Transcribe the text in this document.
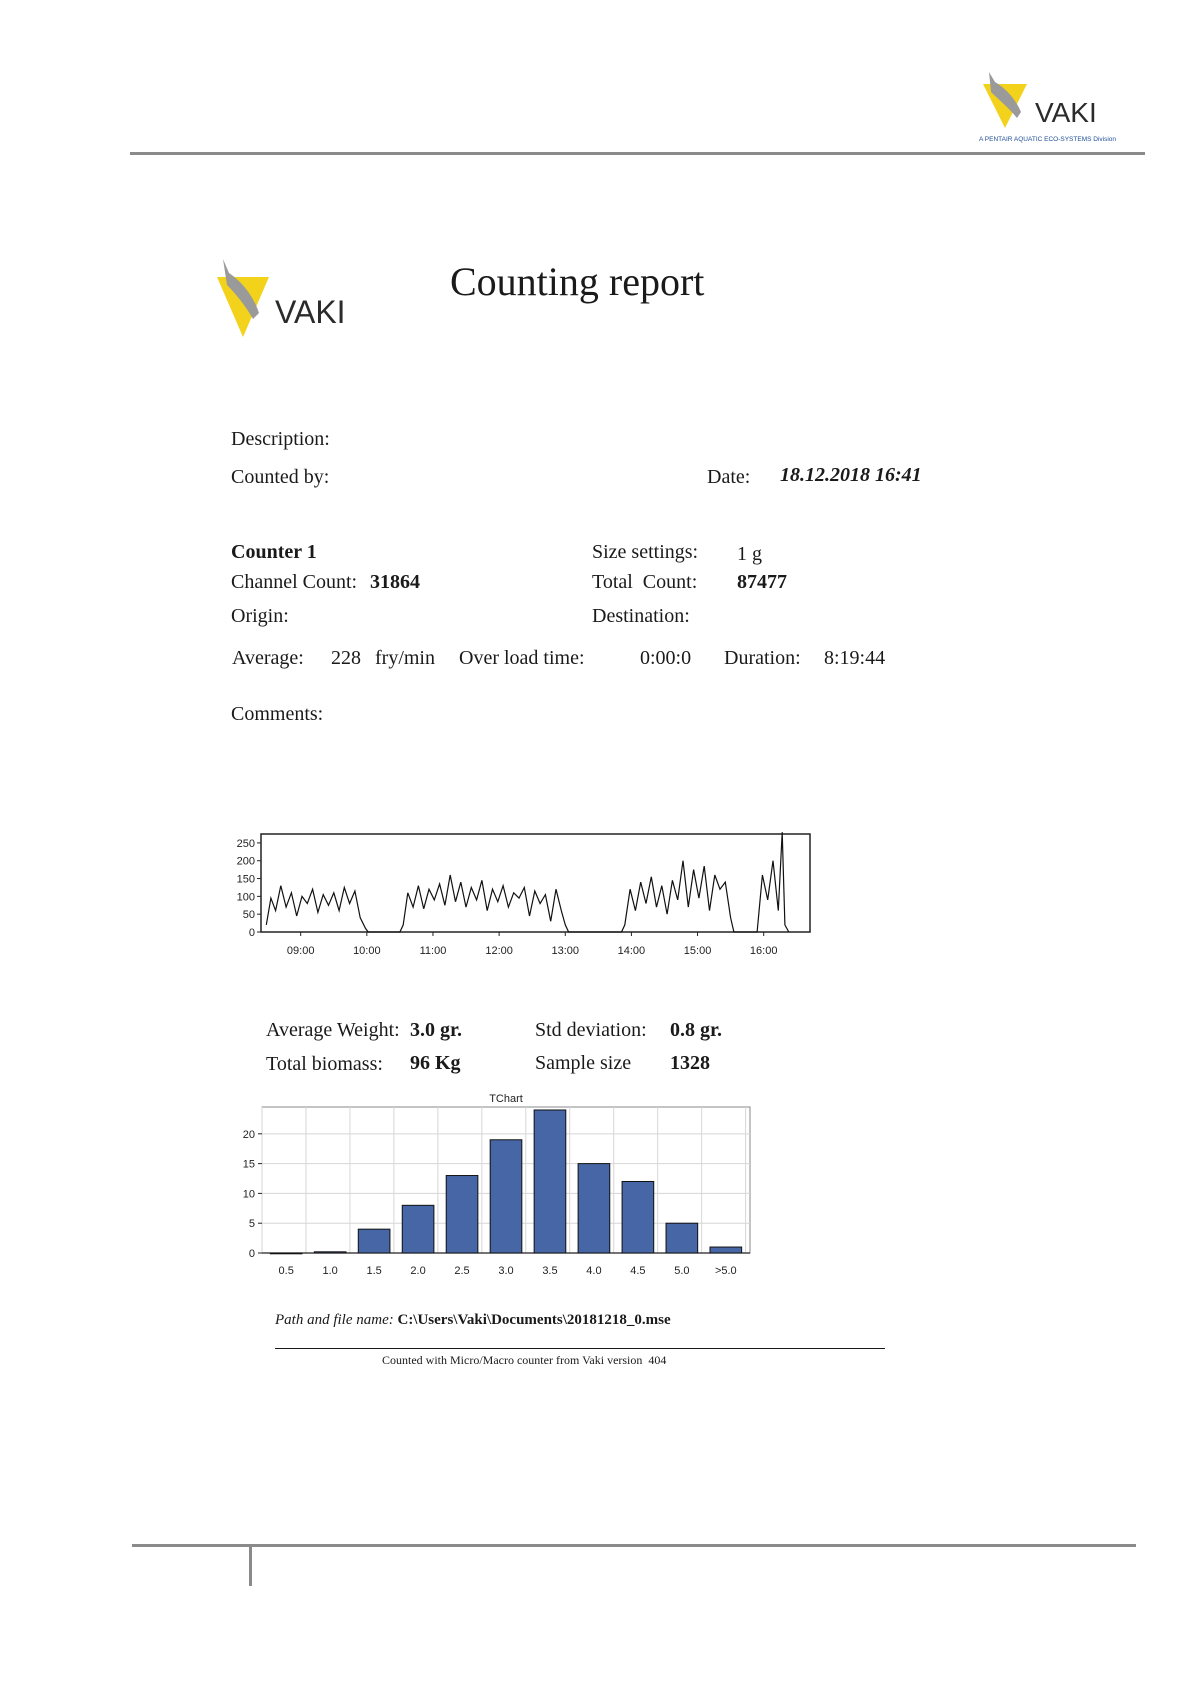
VAKI
A PENTAIR AQUATIC ECO-SYSTEMS Division
VAKI
Counting report
Description:
Counted by:	Date: 18.12.2018 16:41
Counter 1	Size settings: 1 g
Channel Count: 31864	Total  Count: 87477
Origin:	Destination:
Average: 228 fry/min Over load time:	0:00:0 Duration: 8:19:44
Comments:
0
50
100
150
200
250
09:00	10:00	11:00	12:00	13:00	14:00	15:00	16:00
Average Weight: 3.0 gr.	Std deviation: 0.8 gr.
Total biomass: 96 Kg	Sample size 1328
TChart
0
5
10
15
20
0.5	1.0	1.5	2.0	2.5	3.0	3.5	4.0	4.5	5.0 >5.0
Path and file name: C:\Users\Vaki\Documents\20181218_0.mse
Counted with Micro/Macro counter from Vaki version  404
